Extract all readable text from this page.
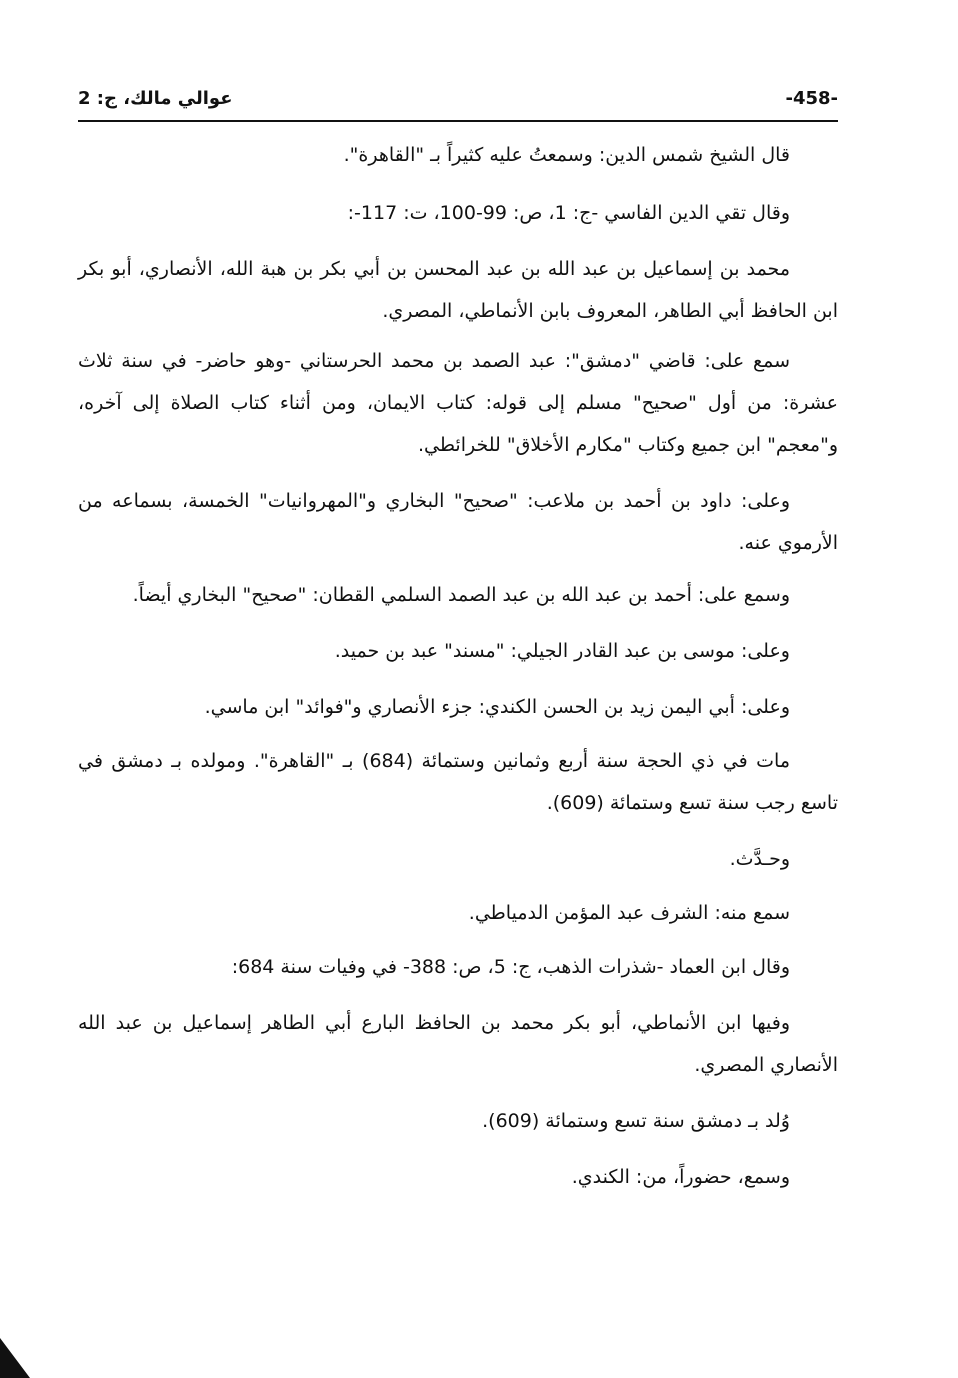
عوالي مالك، ج: 2	-458-
قال الشيخ شمس الدين: وسمعتُ عليه كثيراً بـ "القاهرة".
وقال تقي الدين الفاسي -ج: 1، ص: 99-100، ت: 117-:
محمد بن إسماعيل بن عبد الله بن عبد المحسن بن أبي بكر بن هبة الله، الأنصاري، أبو بكر ابن الحافظ أبي الطاهر، المعروف بابن الأنماطي، المصري.
سمع على: قاضي "دمشق": عبد الصمد بن محمد الحرستاني -وهو حاضر- في سنة ثلاث عشرة: من أول "صحيح" مسلم إلى قوله: كتاب الايمان، ومن أثناء كتاب الصلاة إلى آخره، و"معجم" ابن جميع وكتاب "مكارم الأخلاق" للخرائطي.
وعلى: داود بن أحمد بن ملاعب: "صحيح" البخاري و"المهروانيات" الخمسة، بسماعه من الأرموي عنه.
وسمع على: أحمد بن عبد الله بن عبد الصمد السلمي القطان: "صحيح" البخاري أيضاً.
وعلى: موسى بن عبد القادر الجيلي: "مسند" عبد بن حميد.
وعلى: أبي اليمن زيد بن الحسن الكندي: جزء الأنصاري و"فوائد" ابن ماسي.
مات في ذي الحجة سنة أربع وثمانين وستمائة (684) بـ "القاهرة". ومولده بـ دمشق في تاسع رجب سنة تسع وستمائة (609).
وحـدَّث.
سمع منه: الشرف عبد المؤمن الدمياطي.
وقال ابن العماد -شذرات الذهب، ج: 5، ص: 388- في وفيات سنة 684:
وفيها ابن الأنماطي، أبو بكر محمد بن الحافظ البارع أبي الطاهر إسماعيل بن عبد الله الأنصاري المصري.
وُلد بـ دمشق سنة تسع وستمائة (609).
وسمع، حضوراً، من: الكندي.
